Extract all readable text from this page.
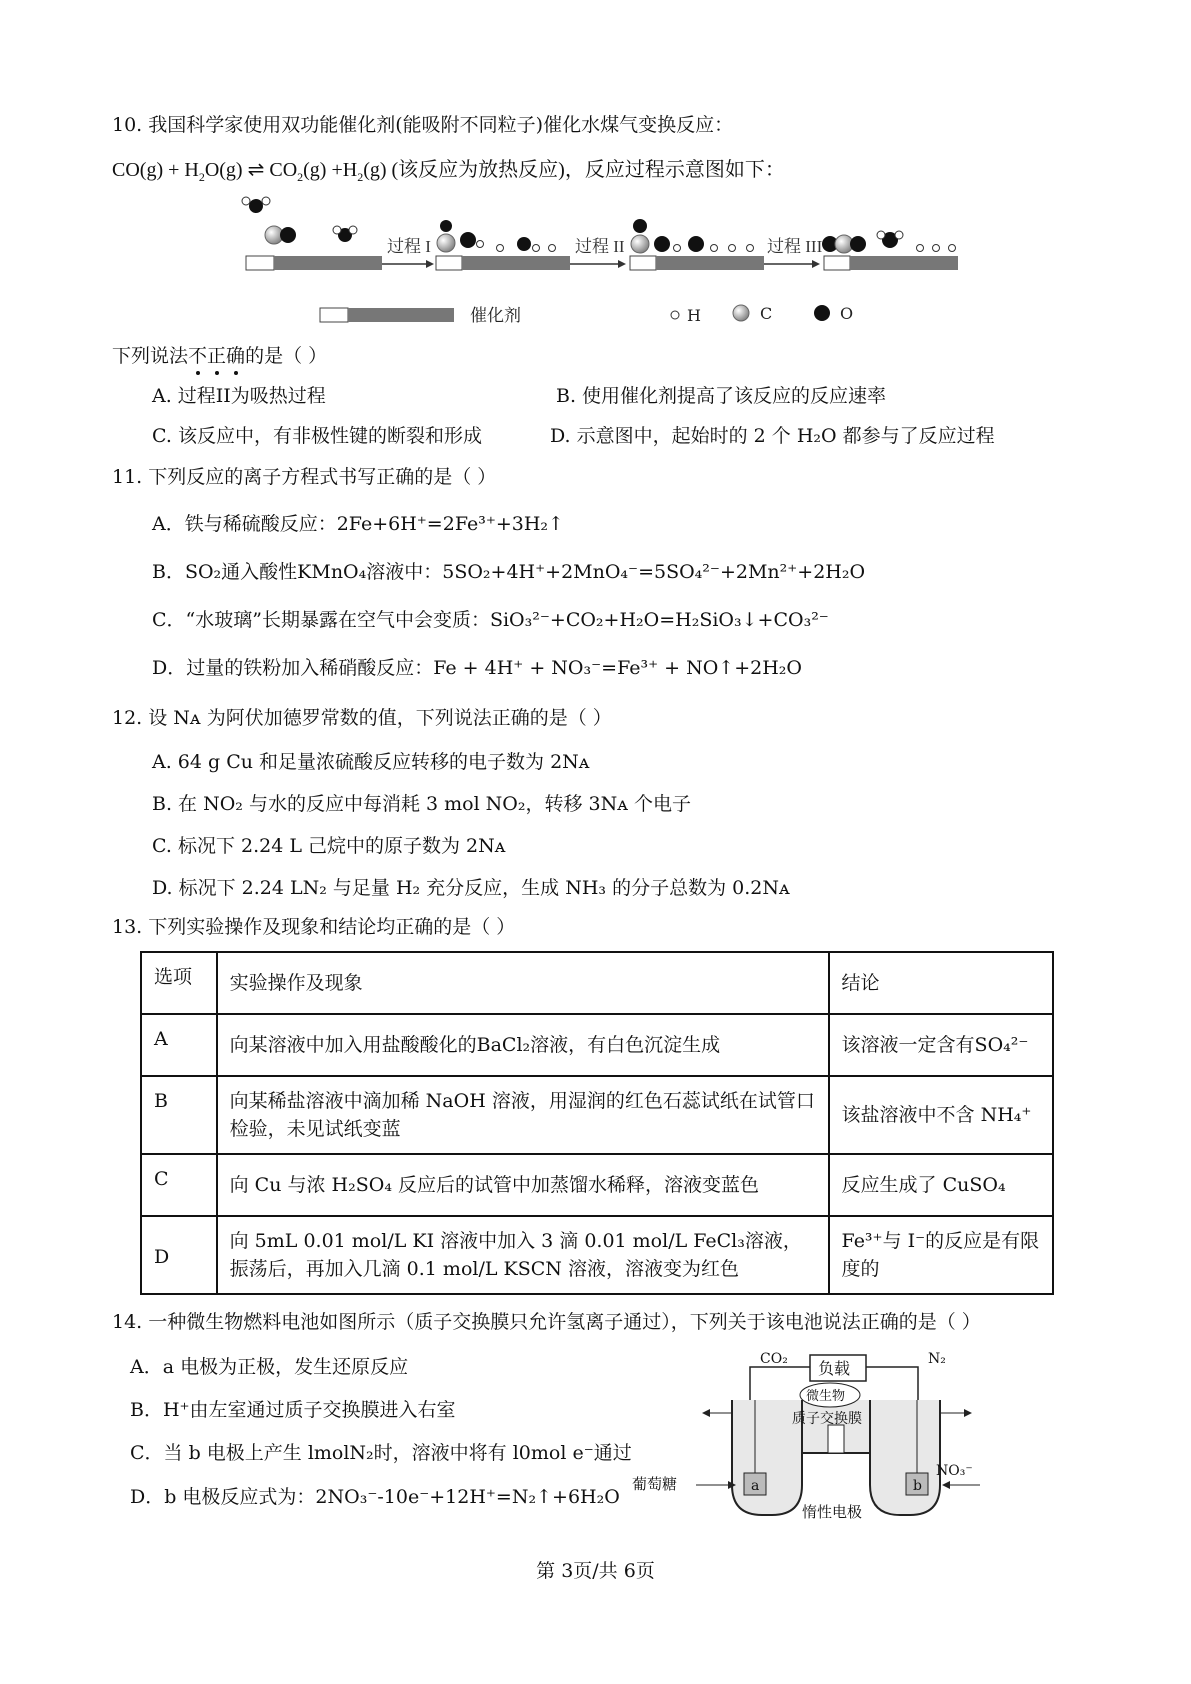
10. 我国科学家使用双功能催化剂(能吸附不同粒子)催化水煤气变换反应：
$CO(g) + H_2O(g)$ ⇌ $CO_2(g) +H_2(g)$ (该反应为放热反应)，反应过程示意图如下：
过程 I	过程 II	过程 III
催化剂	H	C	O
下列说法不正确的是（ ）
A. 过程II为吸热过程	B. 使用催化剂提高了该反应的反应速率
C. 该反应中，有非极性键的断裂和形成	D. 示意图中，起始时的 2 个 H₂O 都参与了反应过程
11. 下列反应的离子方程式书写正确的是（ ）
A．铁与稀硫酸反应：2Fe+6H⁺=2Fe³⁺+3H₂↑
B．SO₂通入酸性KMnO₄溶液中：5SO₂+4H⁺+2MnO₄⁻=5SO₄²⁻+2Mn²⁺+2H₂O
C．“水玻璃”长期暴露在空气中会变质：SiO₃²⁻+CO₂+H₂O=H₂SiO₃↓+CO₃²⁻
D．过量的铁粉加入稀硝酸反应：Fe + 4H⁺ + NO₃⁻=Fe³⁺ + NO↑+2H₂O
12. 设 Nᴀ 为阿伏加德罗常数的值，下列说法正确的是（ ）
A. 64 g Cu 和足量浓硫酸反应转移的电子数为 2Nᴀ
B. 在 NO₂ 与水的反应中每消耗 3 mol NO₂，转移 3Nᴀ 个电子
C. 标况下 2.24 L 己烷中的原子数为 2Nᴀ
D. 标况下 2.24 LN₂ 与足量 H₂ 充分反应，生成 NH₃ 的分子总数为 0.2Nᴀ
13. 下列实验操作及现象和结论均正确的是（ ）
选项	实验操作及现象	结论
A	向某溶液中加入用盐酸酸化的BaCl₂溶液，有白色沉淀生成	该溶液一定含有SO₄²⁻
B	向某稀盐溶液中滴加稀 NaOH 溶液，用湿润的红色石蕊试纸在试管口检验，未见试纸变蓝	该盐溶液中不含 NH₄⁺
C	向 Cu 与浓 H₂SO₄ 反应后的试管中加蒸馏水稀释，溶液变蓝色	反应生成了 CuSO₄
D	向 5mL 0.01 mol/L KI 溶液中加入 3 滴 0.01 mol/L FeCl₃溶液，振荡后，再加入几滴 0.1 mol/L KSCN 溶液，溶液变为红色	Fe³⁺与 I⁻的反应是有限度的
14. 一种微生物燃料电池如图所示（质子交换膜只允许氢离子通过），下列关于该电池说法正确的是（ ）
A．a 电极为正极，发生还原反应
B．H⁺由左室通过质子交换膜进入右室
C．当 b 电极上产生 lmolN₂时，溶液中将有 l0mol e⁻通过
D．b 电极反应式为：2NO₃⁻-10e⁻+12H⁺=N₂↑+6H₂O
负载
CO₂	N₂
质子交换膜
微生物
a	b
葡萄糖
NO₃⁻
惰性电极
第 3页/共 6页
